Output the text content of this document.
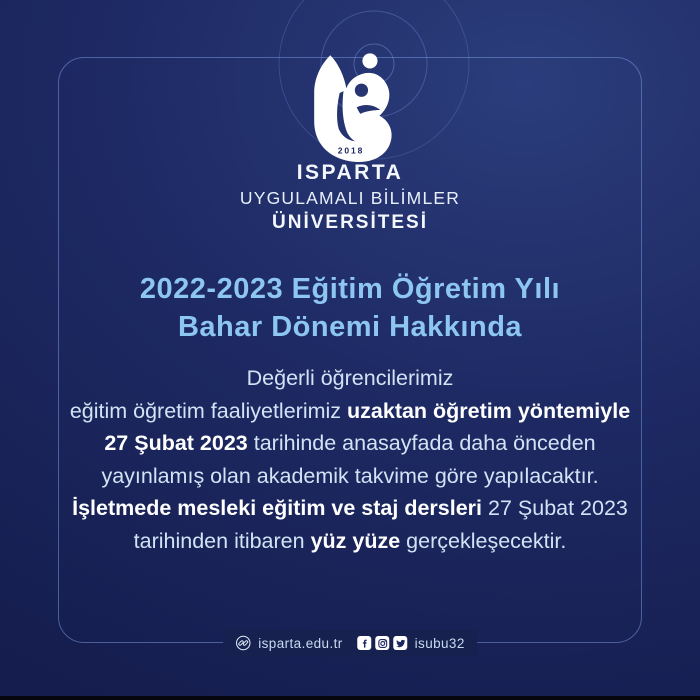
2018
ISPARTA
UYGULAMALI BİLİMLER
ÜNİVERSİTESİ
2022-2023 Eğitim Öğretim Yılı
Bahar Dönemi Hakkında
Değerli öğrencilerimiz
eğitim öğretim faaliyetlerimiz uzaktan öğretim yöntemiyle
27 Şubat 2023 tarihinde anasayfada daha önceden
yayınlamış olan akademik takvime göre yapılacaktır.
İşletmede mesleki eğitim ve staj dersleri 27 Şubat 2023
tarihinden itibaren yüz yüze gerçekleşecektir.
isparta.edu.tr	isubu32
